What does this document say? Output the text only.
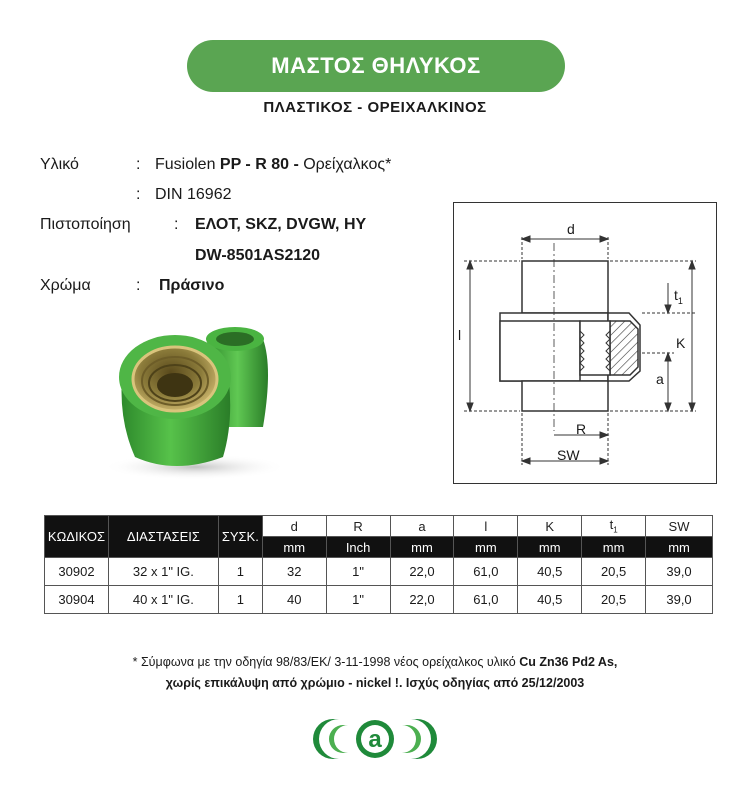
ΜΑΣΤΟΣ ΘΗΛΥΚΟΣ
ΠΛΑΣΤΙΚΟΣ - ΟΡΕΙΧΑΛΚΙΝΟΣ
Υλικό	: Fusiolen PP - R 80 - Ορείχαλκος*
: DIN 16962
Πιστοποίηση	: ΕΛΟΤ, SKZ, DVGW, HY
DW-8501AS2120
Χρώμα	: Πράσινο
d
l
$t_1$
K
a
R
SW
ΚΩΔΙΚΟΣ	ΔΙΑΣΤΑΣΕΙΣ	ΣΥΣΚ.	d	R	a	l	K	$t_1$	SW
			mm	Inch	mm	mm	mm	mm	mm
30902	32 x 1" IG.	1	32	1"	22,0	61,0	40,5	20,5	39,0
30904	40 x 1" IG.	1	40	1"	22,0	61,0	40,5	20,5	39,0
* Σύμφωνα με την οδηγία 98/83/ΕΚ/ 3-11-1998 νέος ορείχαλκος υλικό Cu Zn36 Pd2 As,
χωρίς επικάλυψη από χρώμιο - nickel !. Ισχύς οδηγίας από 25/12/2003
a
